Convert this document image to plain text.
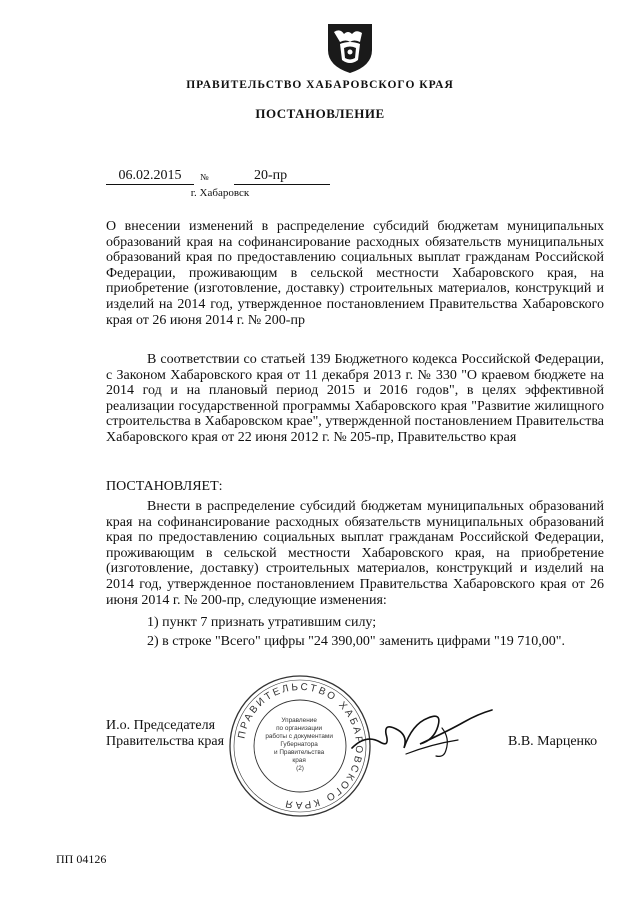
ПРАВИТЕЛЬСТВО ХАБАРОВСКОГО КРАЯ
ПОСТАНОВЛЕНИЕ
06.02.2015	№	20-пр
г. Хабаровск
О внесении изменений в распределение субсидий бюджетам муниципальных образований края на софинансирование расходных обязательств муниципальных образований края по предоставлению социальных выплат гражданам Российской Федерации, проживающим в сельской местности Хабаровского края, на приобретение (изготовление, доставку) строительных материалов, конструкций и изделий на 2014 год, утвержденное постановлением Правительства Хабаровского края от 26 июня 2014 г. № 200-пр
В соответствии со статьей 139 Бюджетного кодекса Российской Федерации, с Законом Хабаровского края от 11 декабря 2013 г. № 330 "О краевом бюджете на 2014 год и на плановый период 2015 и 2016 годов", в целях эффективной реализации государственной программы Хабаровского края "Развитие жилищного строительства в Хабаровском крае", утвержденной постановлением Правительства Хабаровского края от 22 июня 2012 г. № 205-пр, Правительство края
ПОСТАНОВЛЯЕТ:
Внести в распределение субсидий бюджетам муниципальных образований края на софинансирование расходных обязательств муниципальных образований края по предоставлению социальных выплат гражданам Российской Федерации, проживающим в сельской местности Хабаровского края, на приобретение (изготовление, доставку) строительных материалов, конструкций и изделий на 2014 год, утвержденное постановлением Правительства Хабаровского края от 26 июня 2014 г. № 200-пр, следующие изменения:
1) пункт 7 признать утратившим силу;
2) в строке "Всего" цифры "24 390,00" заменить цифрами "19 710,00".
ПРАВИТЕЛЬСТВО ХАБАРОВСКОГО КРАЯ
Управление по организации работы с документами Губернатора и Правительства края (2)
И.о. Председателя
Правительства края	В.В. Марценко
ПП 04126
